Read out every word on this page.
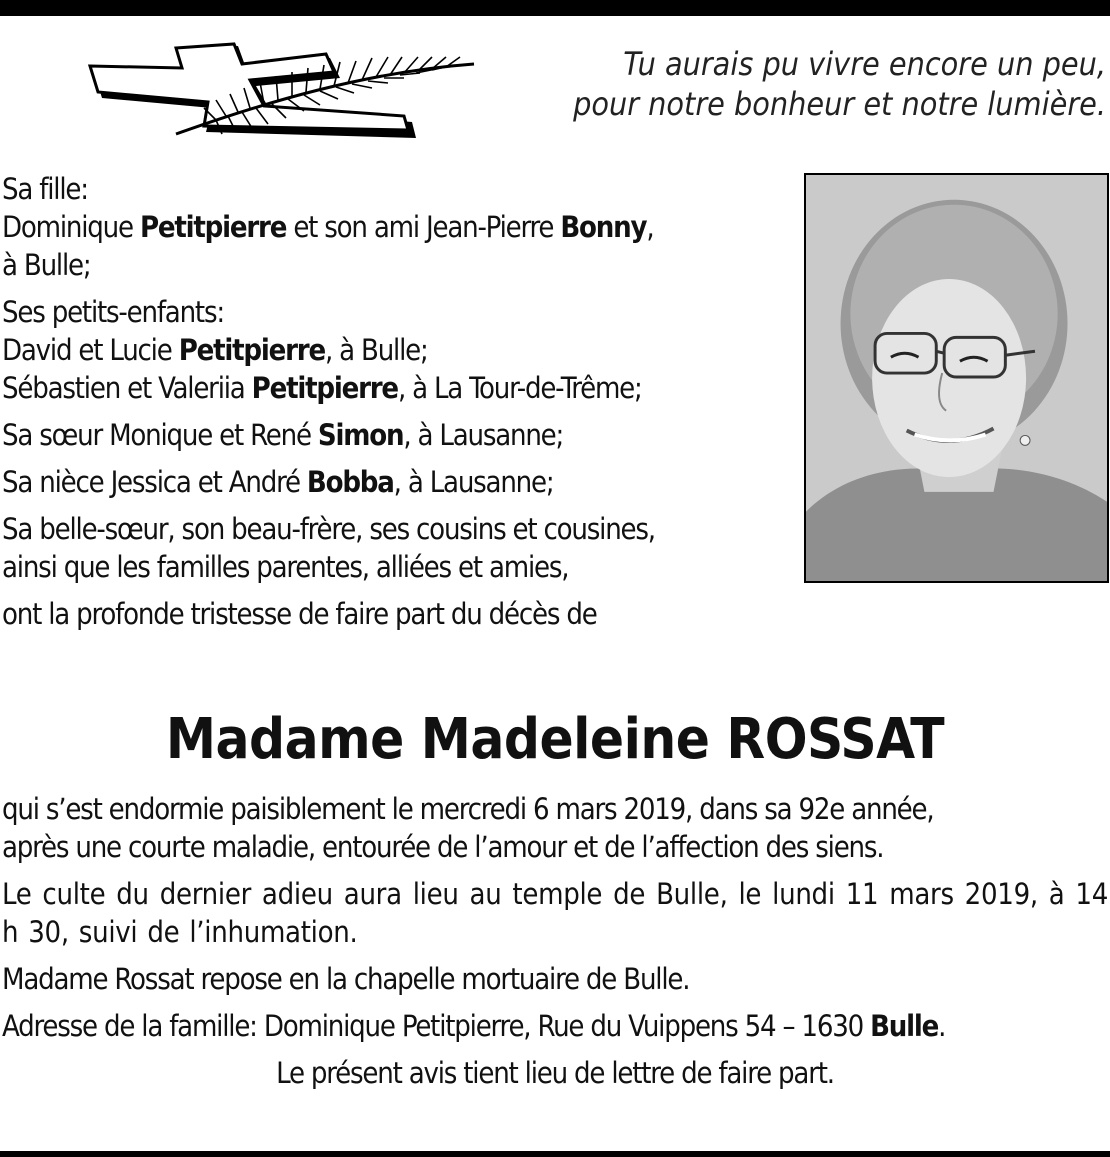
Tu aurais pu vivre encore un peu,
pour notre bonheur et notre lumière.
Sa fille:
Dominique Petitpierre et son ami Jean-Pierre Bonny,
à Bulle;
Ses petits-enfants:
David et Lucie Petitpierre, à Bulle;
Sébastien et Valeriia Petitpierre, à La Tour-de-Trême;
Sa sœur Monique et René Simon, à Lausanne;
Sa nièce Jessica et André Bobba, à Lausanne;
Sa belle-sœur, son beau-frère, ses cousins et cousines,
ainsi que les familles parentes, alliées et amies,
ont la profonde tristesse de faire part du décès de
Madame Madeleine ROSSAT
qui s’est endormie paisiblement le mercredi 6 mars 2019, dans sa 92e année,
après une courte maladie, entourée de l’amour et de l’affection des siens.
Le culte du dernier adieu aura lieu au temple de Bulle, le lundi 11 mars 2019, à 14 h 30, suivi de l’inhumation.
Madame Rossat repose en la chapelle mortuaire de Bulle.
Adresse de la famille: Dominique Petitpierre, Rue du Vuippens 54 – 1630 Bulle.
Le présent avis tient lieu de lettre de faire part.
